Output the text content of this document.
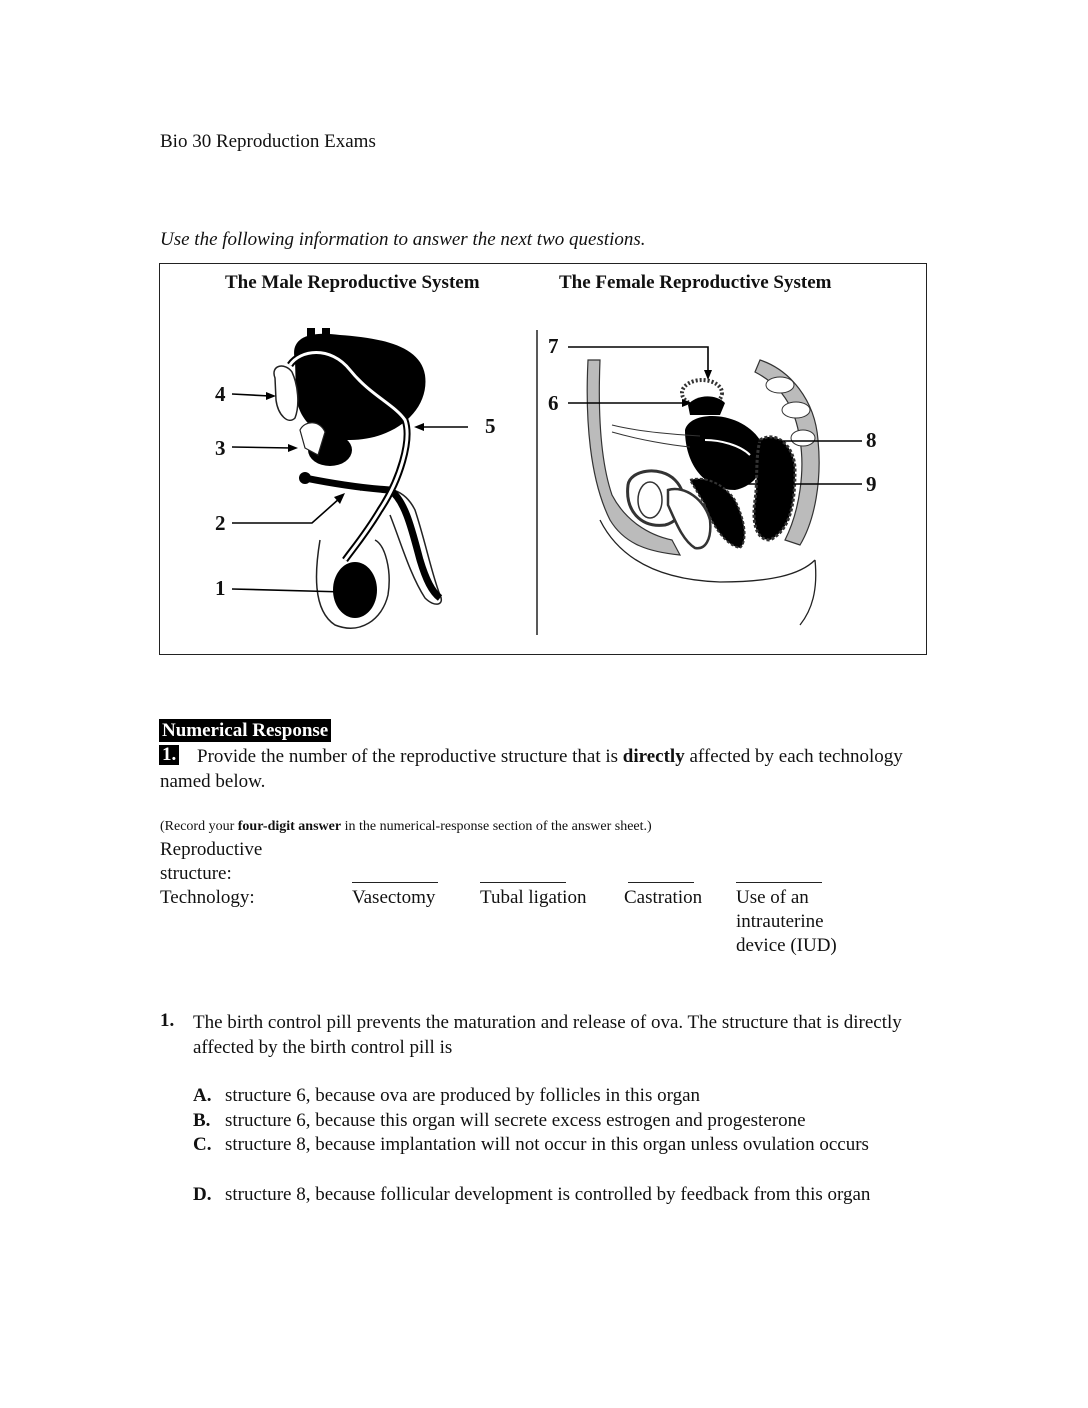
Bio 30 Reproduction Exams
Use the following information to answer the next two questions.
The Male Reproductive System	The Female Reproductive System
4
3
5
2
1
7
6
8
9
Numerical Response
Provide the number of the reproductive structure that is directly affected by each technology named below.
1.
(Record your four-digit answer in the numerical-response section of the answer sheet.)
Reproductive
structure:
Technology:	Vasectomy Tubal ligation Castration Use of an intrauterine device (IUD)
1. The birth control pill prevents the maturation and release of ova. The structure that is directly affected by the birth control pill is
A. structure 6, because ova are produced by follicles in this organ
B. structure 6, because this organ will secrete excess estrogen and progesterone
C. structure 8, because implantation will not occur in this organ unless ovulation occurs
D. structure 8, because follicular development is controlled by feedback from this organ
